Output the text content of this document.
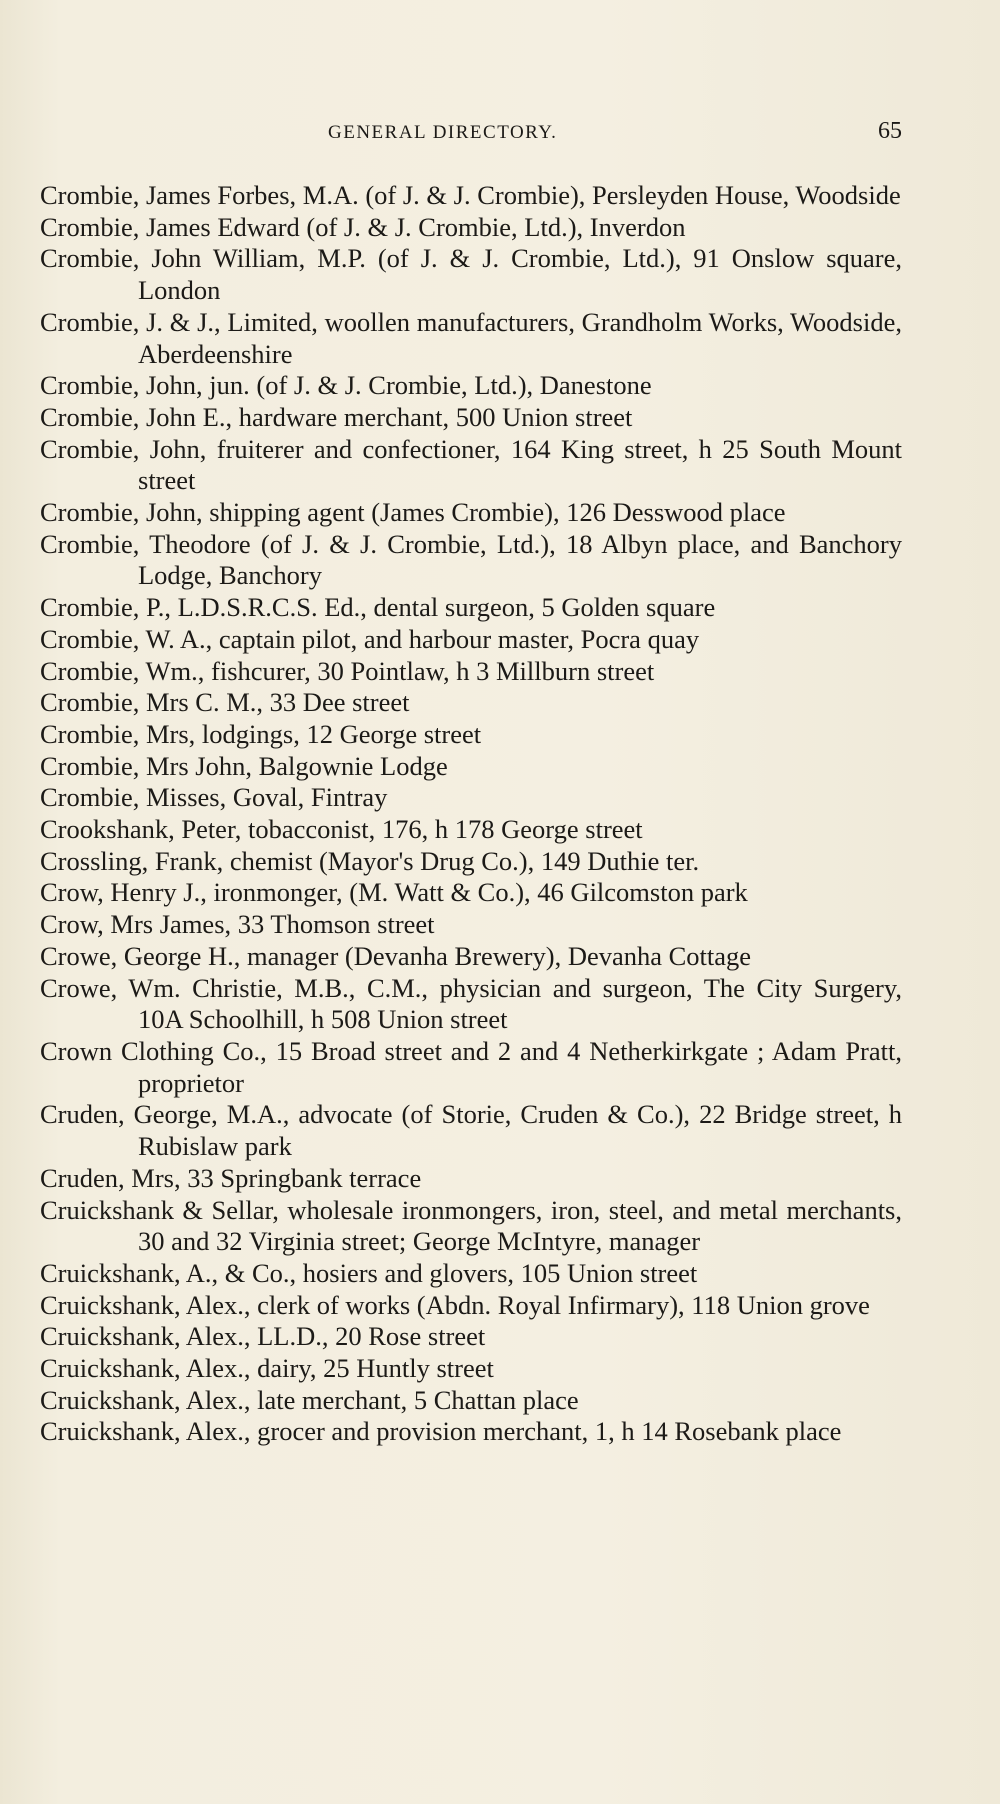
GENERAL DIRECTORY.	65
Crombie, James Forbes, M.A. (of J. & J. Crombie), Persleyden House, Woodside
Crombie, James Edward (of J. & J. Crombie, Ltd.), Inverdon
Crombie, John William, M.P. (of J. & J. Crombie, Ltd.), 91 Onslow square, London
Crombie, J. & J., Limited, woollen manufacturers, Grandholm Works, Woodside, Aberdeenshire
Crombie, John, jun. (of J. & J. Crombie, Ltd.), Danestone
Crombie, John E., hardware merchant, 500 Union street
Crombie, John, fruiterer and confectioner, 164 King street, h 25 South Mount street
Crombie, John, shipping agent (James Crombie), 126 Desswood place
Crombie, Theodore (of J. & J. Crombie, Ltd.), 18 Albyn place, and Banchory Lodge, Banchory
Crombie, P., L.D.S.R.C.S. Ed., dental surgeon, 5 Golden square
Crombie, W. A., captain pilot, and harbour master, Pocra quay
Crombie, Wm., fishcurer, 30 Pointlaw, h 3 Millburn street
Crombie, Mrs C. M., 33 Dee street
Crombie, Mrs, lodgings, 12 George street
Crombie, Mrs John, Balgownie Lodge
Crombie, Misses, Goval, Fintray
Crookshank, Peter, tobacconist, 176, h 178 George street
Crossling, Frank, chemist (Mayor's Drug Co.), 149 Duthie ter.
Crow, Henry J., ironmonger, (M. Watt & Co.), 46 Gilcomston park
Crow, Mrs James, 33 Thomson street
Crowe, George H., manager (Devanha Brewery), Devanha Cottage
Crowe, Wm. Christie, M.B., C.M., physician and surgeon, The City Surgery, 10A Schoolhill, h 508 Union street
Crown Clothing Co., 15 Broad street and 2 and 4 Netherkirkgate ; Adam Pratt, proprietor
Cruden, George, M.A., advocate (of Storie, Cruden & Co.), 22 Bridge street, h Rubislaw park
Cruden, Mrs, 33 Springbank terrace
Cruickshank & Sellar, wholesale ironmongers, iron, steel, and metal merchants, 30 and 32 Virginia street; George McIntyre, manager
Cruickshank, A., & Co., hosiers and glovers, 105 Union street
Cruickshank, Alex., clerk of works (Abdn. Royal Infirmary), 118 Union grove
Cruickshank, Alex., LL.D., 20 Rose street
Cruickshank, Alex., dairy, 25 Huntly street
Cruickshank, Alex., late merchant, 5 Chattan place
Cruickshank, Alex., grocer and provision merchant, 1, h 14 Rosebank place
